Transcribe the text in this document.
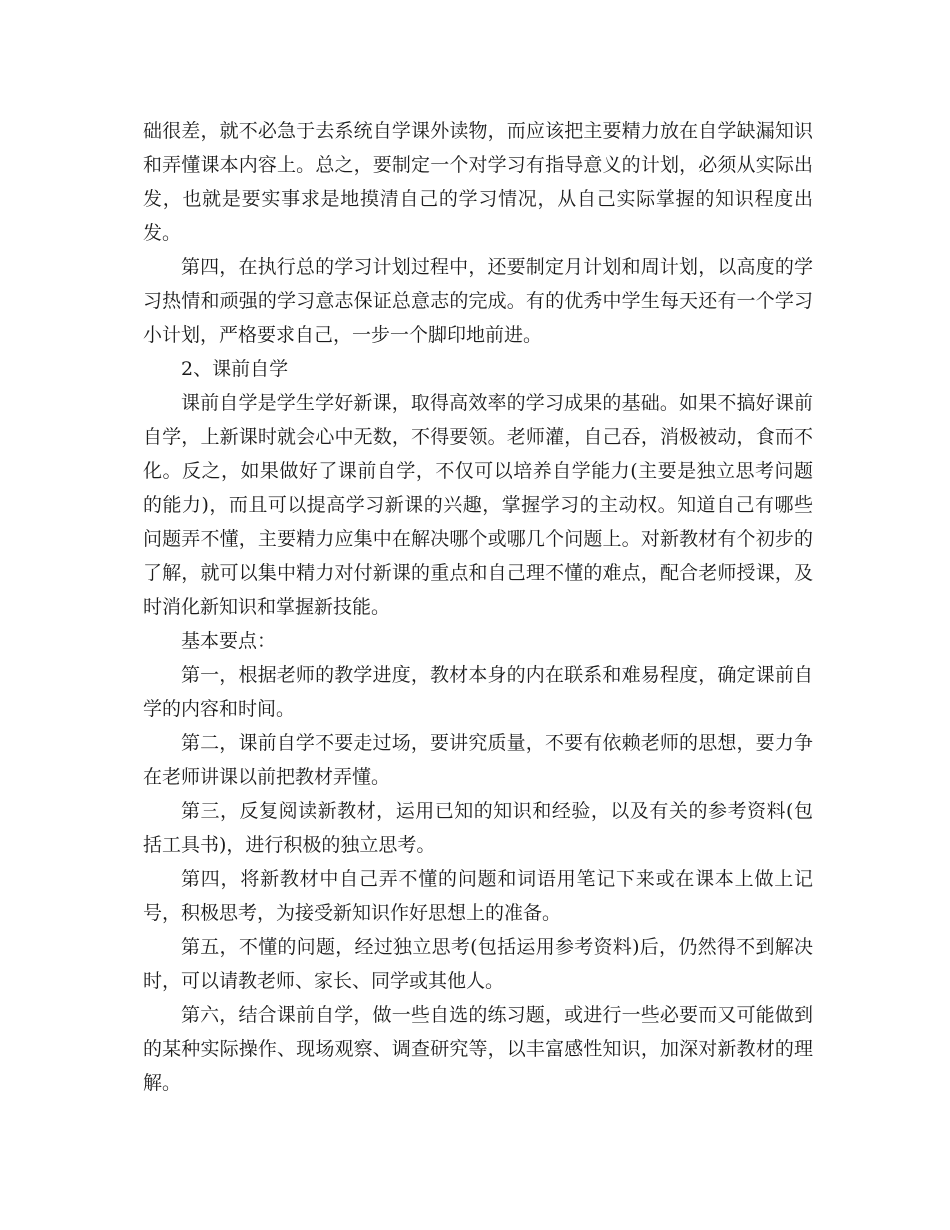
础很差，就不必急于去系统自学课外读物，而应该把主要精力放在自学缺漏知识和弄懂课本内容上。总之，要制定一个对学习有指导意义的计划，必须从实际出发，也就是要实事求是地摸清自己的学习情况，从自己实际掌握的知识程度出发。

第四，在执行总的学习计划过程中，还要制定月计划和周计划，以高度的学习热情和顽强的学习意志保证总意志的完成。有的优秀中学生每天还有一个学习小计划，严格要求自己，一步一个脚印地前进。

2、课前自学

课前自学是学生学好新课，取得高效率的学习成果的基础。如果不搞好课前自学，上新课时就会心中无数，不得要领。老师灌，自己吞，消极被动，食而不化。反之，如果做好了课前自学，不仅可以培养自学能力(主要是独立思考问题的能力)，而且可以提高学习新课的兴趣，掌握学习的主动权。知道自己有哪些问题弄不懂，主要精力应集中在解决哪个或哪几个问题上。对新教材有个初步的了解，就可以集中精力对付新课的重点和自己理不懂的难点，配合老师授课，及时消化新知识和掌握新技能。

基本要点：

第一，根据老师的教学进度，教材本身的内在联系和难易程度，确定课前自学的内容和时间。

第二，课前自学不要走过场，要讲究质量，不要有依赖老师的思想，要力争在老师讲课以前把教材弄懂。

第三，反复阅读新教材，运用已知的知识和经验，以及有关的参考资料(包括工具书)，进行积极的独立思考。

第四，将新教材中自己弄不懂的问题和词语用笔记下来或在课本上做上记号，积极思考，为接受新知识作好思想上的准备。

第五，不懂的问题，经过独立思考(包括运用参考资料)后，仍然得不到解决时，可以请教老师、家长、同学或其他人。

第六，结合课前自学，做一些自选的练习题，或进行一些必要而又可能做到的某种实际操作、现场观察、调查研究等，以丰富感性知识，加深对新教材的理解。
